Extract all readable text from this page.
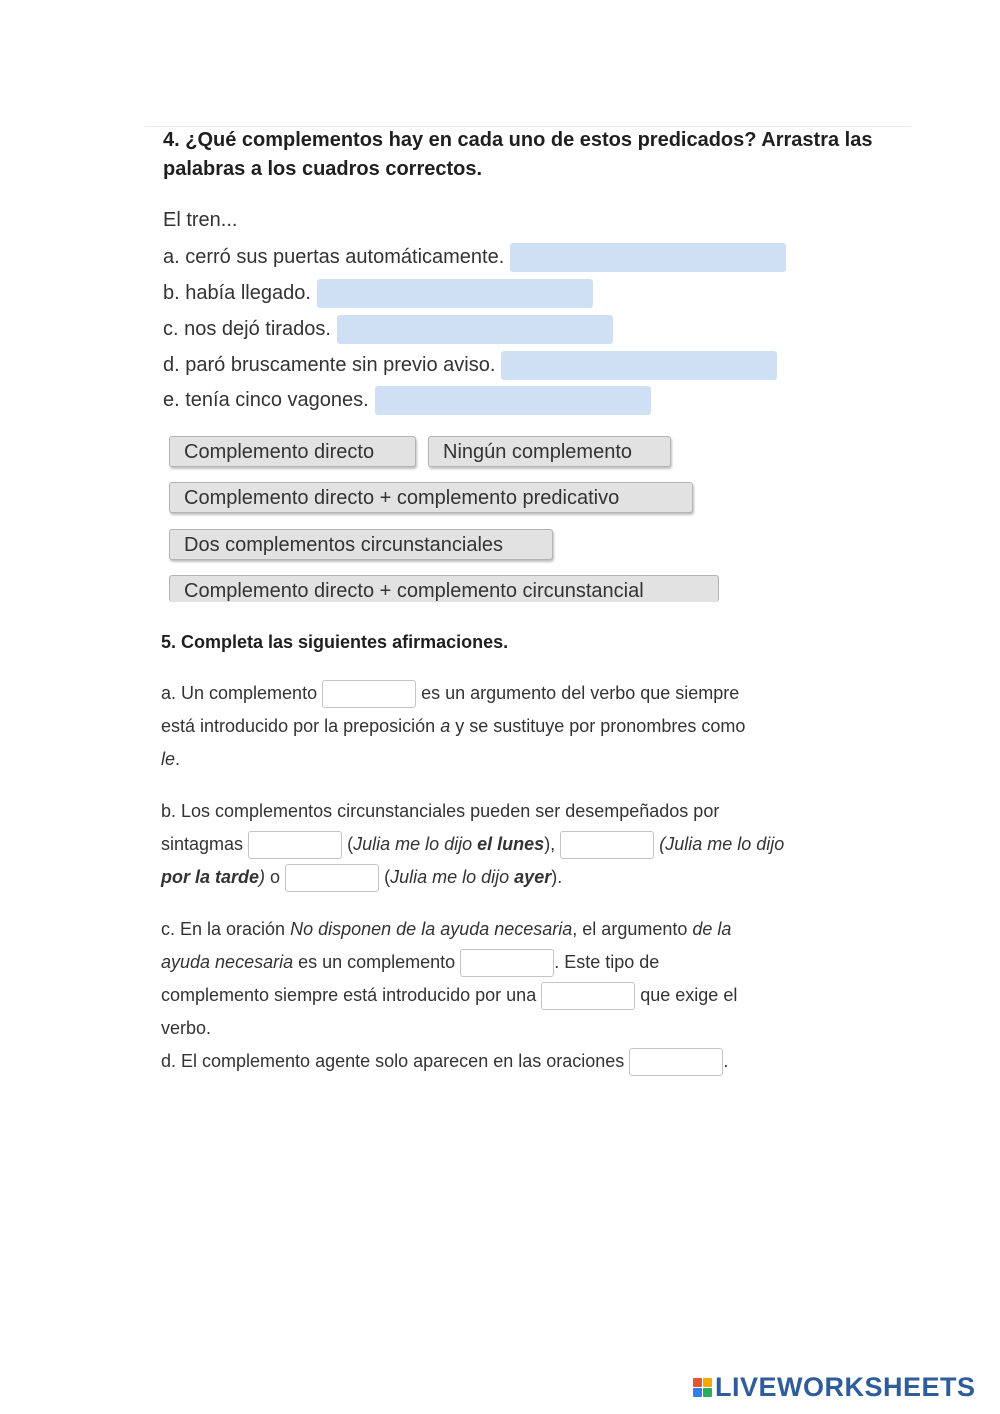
4. ¿Qué complementos hay en cada uno de estos predicados? Arrastra las
palabras a los cuadros correctos.
El tren...
a. cerró sus puertas automáticamente.
b. había llegado.
c. nos dejó tirados.
d. paró bruscamente sin previo aviso.
e. tenía cinco vagones.
Complemento directo	Ningún complemento
Complemento directo + complemento predicativo
Dos complementos circunstanciales
Complemento directo + complemento circunstancial
5. Completa las siguientes afirmaciones.
a. Un complemento

	es un argumento del verbo que siempre
está introducido por la preposición
a
y se sustituye por pronombres como
le .
b. Los complementos circunstanciales pueden ser desempeñados por
sintagmas

	( Julia me lo dijo
el lunes ),

	(Julia me lo dijo
por la tarde )
o

	( Julia me lo dijo
ayer ).
c. En la oración
No disponen de la ayuda necesaria , el argumento
de la
ayuda necesaria
es un complemento
	. Este tipo de
complemento siempre está introducido por una

	que exige el
verbo.
d. El complemento agente solo aparecen en las oraciones
	.
LIVEWORKSHEETS
